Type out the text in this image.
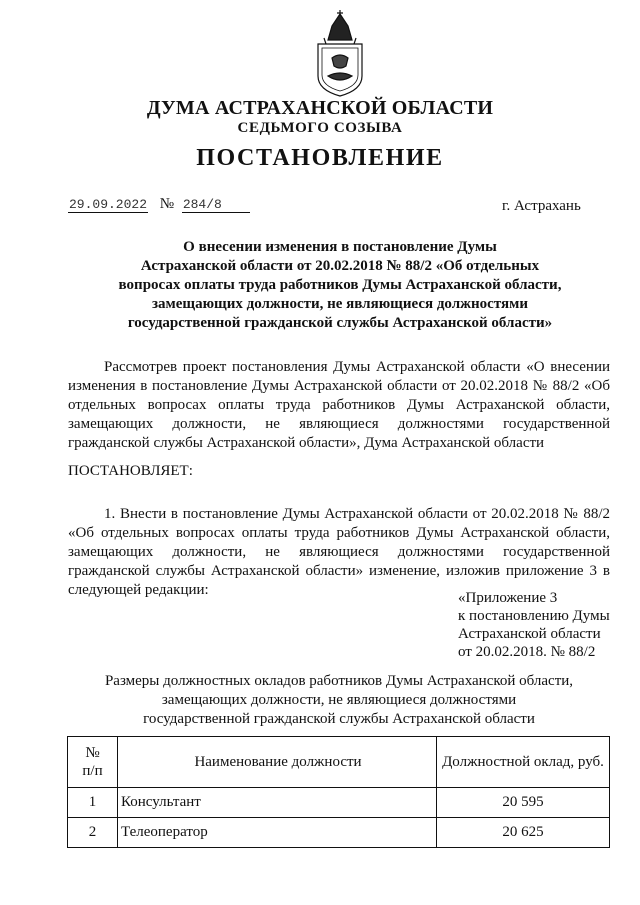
ДУМА АСТРАХАНСКОЙ ОБЛАСТИ
СЕДЬМОГО СОЗЫВА
ПОСТАНОВЛЕНИЕ
29.09.2022 № 284/8	г. Астрахань
О внесении изменения в постановление Думы
Астраханской области от 20.02.2018 № 88/2 «Об отдельных
вопросах оплаты труда работников Думы Астраханской области,
замещающих должности, не являющиеся должностями
государственной гражданской службы Астраханской области»

Рассмотрев проект постановления Думы Астраханской области «О внесении изменения в постановление Думы Астраханской области от 20.02.2018 № 88/2 «Об отдельных вопросах оплаты труда работников Думы Астраханской области, замещающих должности, не являющиеся должностями государственной гражданской службы Астраханской области», Дума Астраханской области

ПОСТАНОВЛЯЕТ:

1. Внести в постановление Думы Астраханской области от 20.02.2018 № 88/2 «Об отдельных вопросах оплаты труда работников Думы Астраханской области, замещающих должности, не являющиеся должностями государственной гражданской службы Астраханской области» изменение, изложив приложение 3 в следующей редакции:	«Приложение 3
к постановлению Думы
Астраханской области
от 20.02.2018. № 88/2
Размеры должностных окладов работников Думы Астраханской области,
замещающих должности, не являющиеся должностями
государственной гражданской службы Астраханской области
№
п/п	Наименование должности	Должностной оклад, руб.
1	Консультант	20 595
2	Телеоператор	20 625
